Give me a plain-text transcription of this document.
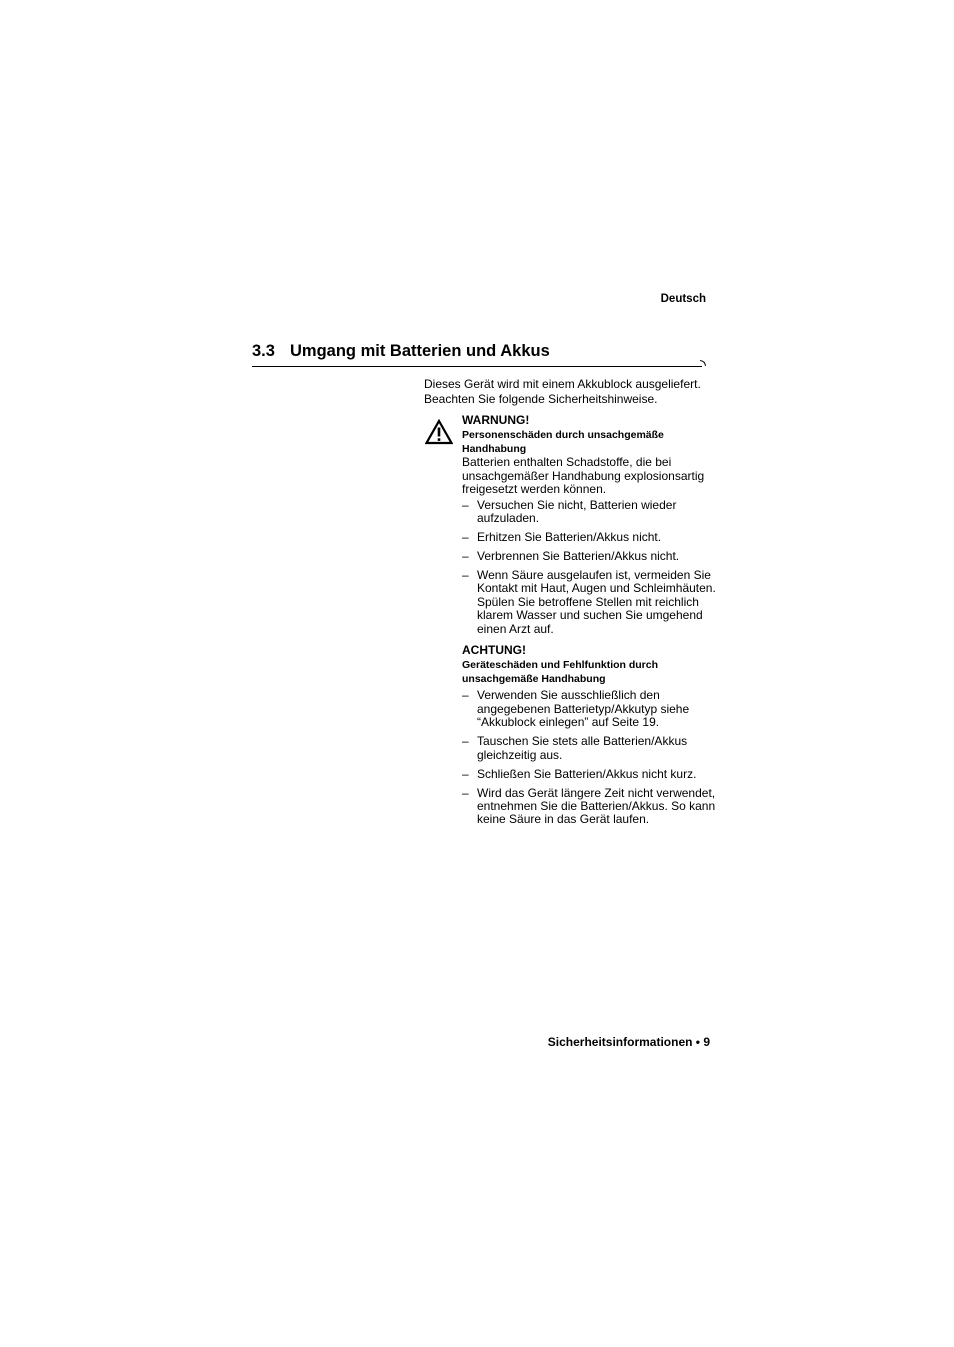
Deutsch
3.3 Umgang mit Batterien und Akkus

Dieses Gerät wird mit einem Akkublock ausgeliefert.

Beachten Sie folgende Sicherheitshinweise.

WARNUNG!
Personenschäden durch unsachgemäße
Handhabung
Batterien enthalten Schadstoffe, die bei
unsachgemäßer Handhabung explosionsartig
freigesetzt werden können.
– Versuchen Sie nicht, Batterien wieder
aufzuladen.
– Erhitzen Sie Batterien/Akkus nicht.
– Verbrennen Sie Batterien/Akkus nicht.
– Wenn Säure ausgelaufen ist, vermeiden Sie
Kontakt mit Haut, Augen und Schleimhäuten.
Spülen Sie betroffene Stellen mit reichlich
klarem Wasser und suchen Sie umgehend
einen Arzt auf.
ACHTUNG!
Geräteschäden und Fehlfunktion durch
unsachgemäße Handhabung
– Verwenden Sie ausschließlich den
angegebenen Batterietyp/Akkutyp siehe
“Akkublock einlegen” auf Seite 19.
– Tauschen Sie stets alle Batterien/Akkus
gleichzeitig aus.
– Schließen Sie Batterien/Akkus nicht kurz.
– Wird das Gerät längere Zeit nicht verwendet,
entnehmen Sie die Batterien/Akkus. So kann
keine Säure in das Gerät laufen.
Sicherheitsinformationen • 9
